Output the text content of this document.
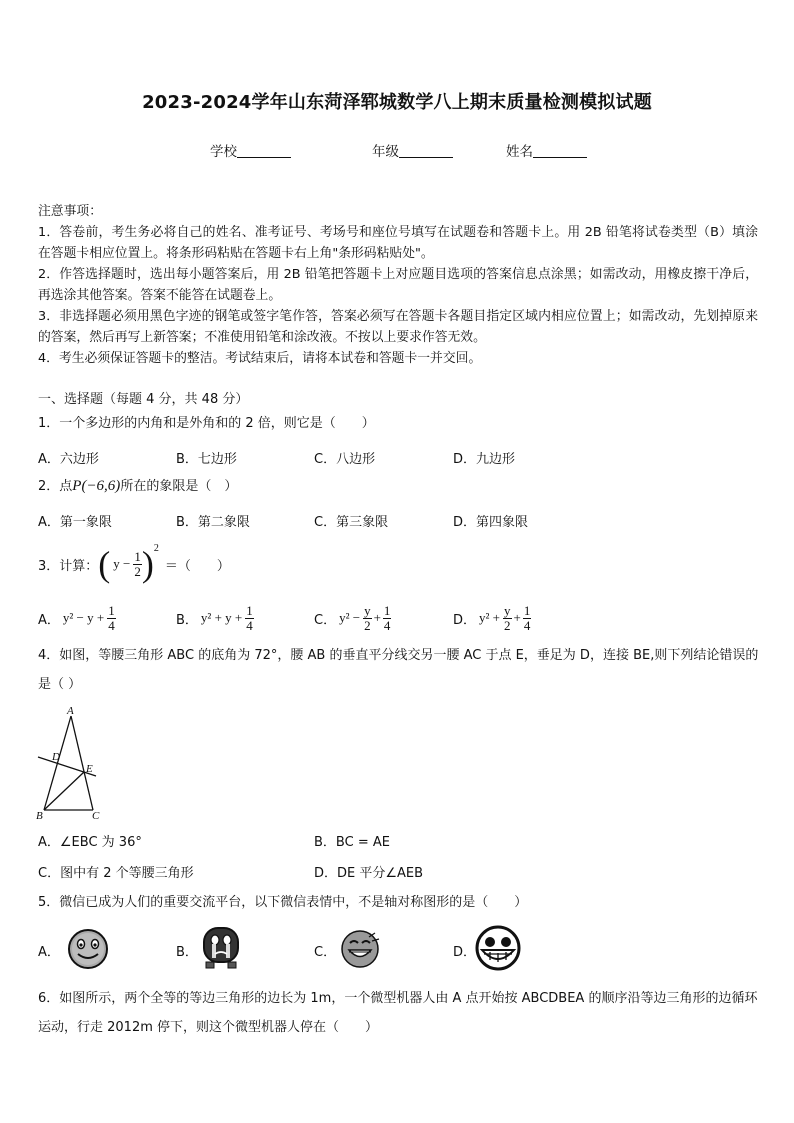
2023-2024学年山东菏泽郓城数学八上期末质量检测模拟试题
学校	年级	姓名

注意事项：

1．答卷前，考生务必将自己的姓名、准考证号、考场号和座位号填写在试题卷和答题卡上。用 2B 铅笔将试卷类型（B）填涂在答题卡相应位置上。将条形码粘贴在答题卡右上角"条形码粘贴处"。

2．作答选择题时，选出每小题答案后，用 2B 铅笔把答题卡上对应题目选项的答案信息点涂黑；如需改动，用橡皮擦干净后，再选涂其他答案。答案不能答在试题卷上。

3．非选择题必须用黑色字迹的钢笔或签字笔作答，答案必须写在答题卡各题目指定区域内相应位置上；如需改动，先划掉原来的答案，然后再写上新答案；不准使用铅笔和涂改液。不按以上要求作答无效。

4．考生必须保证答题卡的整洁。考试结束后，请将本试卷和答题卡一并交回。

一、选择题（每题 4 分，共 48 分）
1．一个多边形的内角和是外角和的 2 倍，则它是（　　）
A．六边形	B．七边形	C．八边形	D．九边形
2．点P(−6,6)所在的象限是（　）
A．第一象限	B．第二象限	C．第三象限	D．第四象限
3．计算： ( $y - \frac{1}{2}$ ) 2
＝（　　）
A． $y^2 - y + \frac{1}{4}$	B． $y^2 + y + \frac{1}{4}$	C． $y^2 - \frac{y}{2} + \frac{1}{4}$	D． $y^2 + \frac{y}{2} + \frac{1}{4}$
4．如图，等腰三角形 ABC 的底角为 72°，腰 AB 的垂直平分线交另一腰 AC 于点 E，垂足为 D，连接 BE,则下列结论错误的是（ ）
A
D
E
B	C
A．∠EBC 为 36°	B．BC = AE
C．图中有 2 个等腰三角形	D．DE 平分∠AEB
5．微信已成为人们的重要交流平台，以下微信表情中，不是轴对称图形的是（　　）
A．	B．	C．	D．
6．如图所示，两个全等的等边三角形的边长为 1m，一个微型机器人由 A 点开始按 ABCDBEA 的顺序沿等边三角形的边循环运动，行走 2012m 停下，则这个微型机器人停在（　　）
